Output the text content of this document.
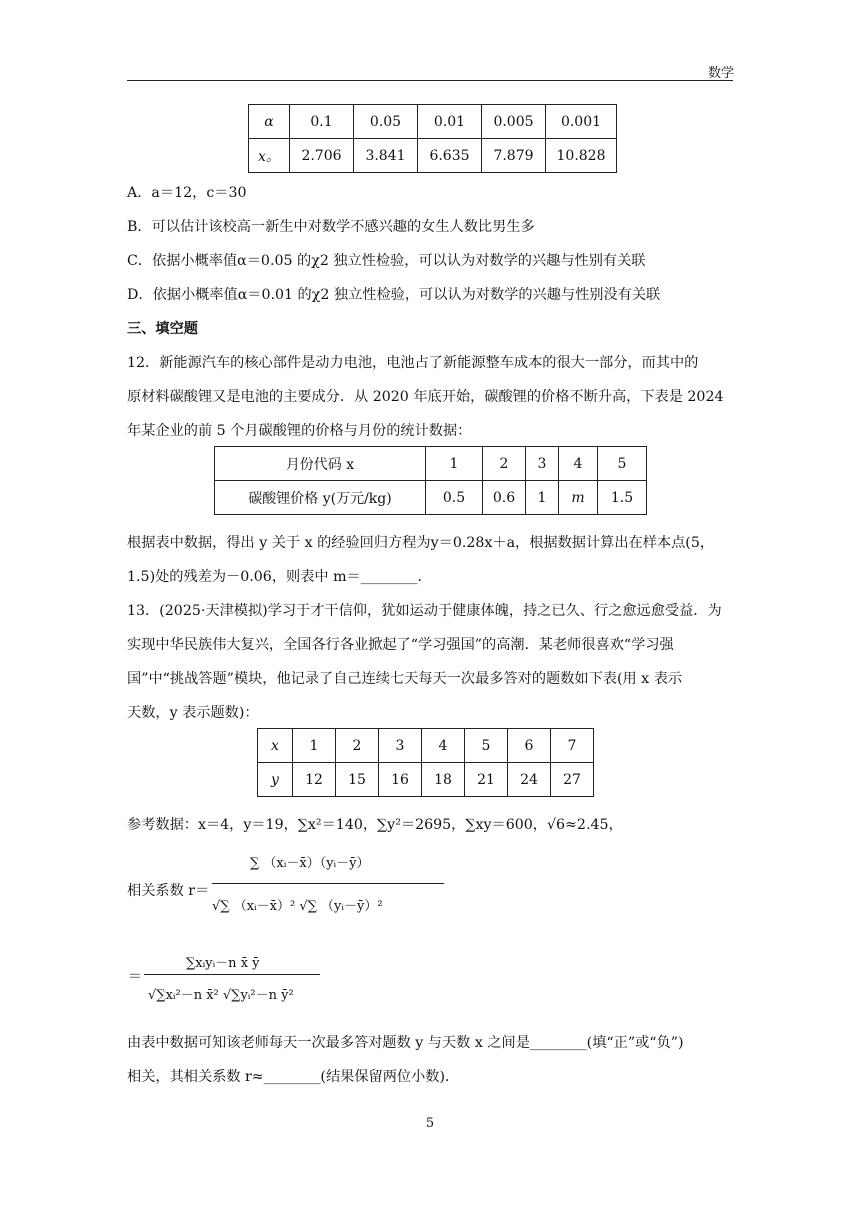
数学
α	0.1	0.05	0.01	0.005	0.001
x。	2.706	3.841	6.635	7.879	10.828
A．a＝12，c＝30
B．可以估计该校高一新生中对数学不感兴趣的女生人数比男生多
C．依据小概率值α＝0.05 的χ2 独立性检验，可以认为对数学的兴趣与性别有关联
D．依据小概率值α＝0.01 的χ2 独立性检验，可以认为对数学的兴趣与性别没有关联
三、填空题
12．新能源汽车的核心部件是动力电池，电池占了新能源整车成本的很大一部分，而其中的
原材料碳酸锂又是电池的主要成分．从 2020 年底开始，碳酸锂的价格不断升高，下表是 2024
年某企业的前 5 个月碳酸锂的价格与月份的统计数据：
月份代码 x	1	2	3	4	5
碳酸锂价格 y(万元/kg)	0.5	0.6	1	m	1.5
根据表中数据，得出 y 关于 x 的经验回归方程为y＝0.28x＋a，根据数据计算出在样本点(5，
1.5)处的残差为－0.06，则表中 m＝________．
13．(2025·天津模拟)学习于才干信仰，犹如运动于健康体魄，持之已久、行之愈远愈受益．为
实现中华民族伟大复兴，全国各行各业掀起了“学习强国”的高潮．某老师很喜欢“学习强
国”中“挑战答题”模块，他记录了自己连续七天每天一次最多答对的题数如下表(用 x 表示
天数，y 表示题数)：
x	1	2	3	4	5	6	7
y	12	15	16	18	21	24	27
参考数据：x＝4，y＝19，∑x²＝140，∑y²＝2695，∑xy＝600，√6≈2.45，
相关系数 r＝
∑ （xᵢ－x̄）（yᵢ－ȳ）
√∑ （xᵢ－x̄）² √∑ （yᵢ－ȳ）²
∑xᵢyᵢ－n x̄ ȳ
＝
√∑xᵢ²－n x̄² √∑yᵢ²－n ȳ²
由表中数据可知该老师每天一次最多答对题数 y 与天数 x 之间是________(填“正”或“负”)
相关，其相关系数 r≈________(结果保留两位小数)．
5
